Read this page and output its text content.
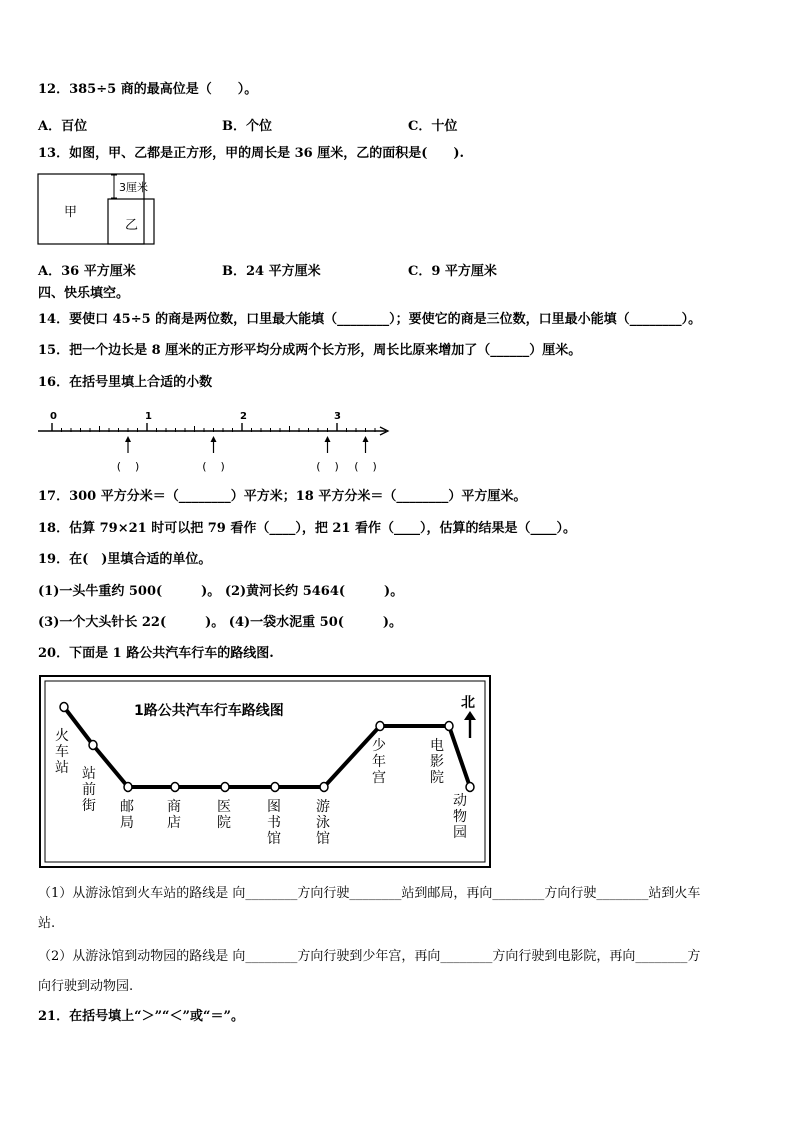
12．385÷5 商的最高位是（　　）。
A．百位	B．个位	C．十位
13．如图，甲、乙都是正方形，甲的周长是 36 厘米，乙的面积是(　　).
3厘米
甲
乙
A．36 平方厘米	B．24 平方厘米	C．9 平方厘米
四、快乐填空。
14．要使口 45÷5 的商是两位数，口里最大能填（________）；要使它的商是三位数，口里最小能填（________）。
15．把一个边长是 8 厘米的正方形平均分成两个长方形，周长比原来增加了（______）厘米。
16．在括号里填上合适的小数
0	1	2	3
(    )	(    )	(    ) (    )
17．300 平方分米＝（________）平方米；18 平方分米＝（________）平方厘米。
18．估算 79×21 时可以把 79 看作（____），把 21 看作（____），估算的结果是（____）。
19．在(　)里填合适的单位。
(1)一头牛重约 500(　　　)。 (2)黄河长约 5464(　　　)。
(3)一个大头针长 22(　　　)。 (4)一袋水泥重 50(　　　)。
20．下面是 1 路公共汽车行车的路线图.
1路公共汽车行车路线图	北
火车站 站前街 邮局
商店
医院
图书馆
游泳馆
少年宫
电影院
动物园
（1）从游泳馆到火车站的路线是 向________方向行驶________站到邮局，再向________方向行驶________站到火车
站.
（2）从游泳馆到动物园的路线是 向________方向行驶到少年宫，再向________方向行驶到电影院，再向________方
向行驶到动物园.
21．在括号填上“＞”“＜”或“＝”。
